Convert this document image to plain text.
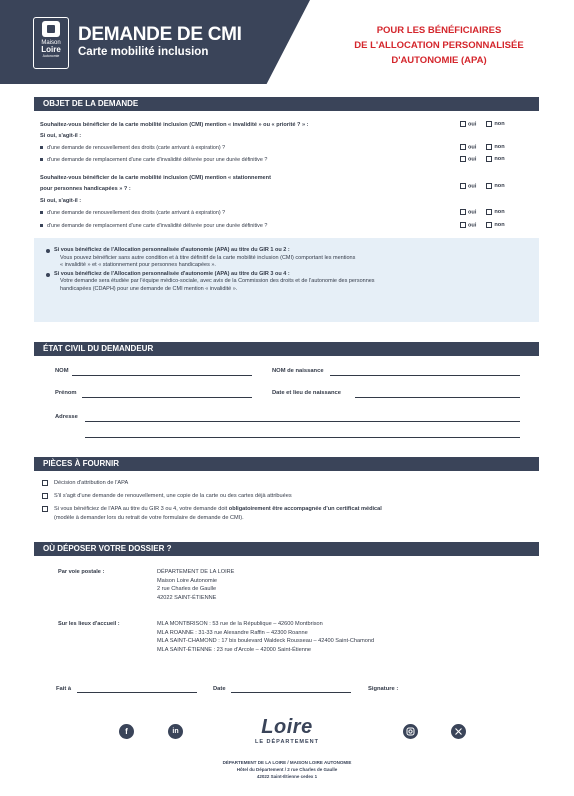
Maison
Loire
Autonomie
DEMANDE DE CMI
Carte mobilité inclusion
POUR LES BÉNÉFICIAIRES
DE L'ALLOCATION PERSONNALISÉE
D'AUTONOMIE (APA)
OBJET DE LA DEMANDE
Souhaitez-vous bénéficier de la carte mobilité inclusion (CMI) mention « invalidité » ou « priorité ? » :	oui	non
Si oui, s'agit-il :
d'une demande de renouvellement des droits (carte arrivant à expiration) ?	oui	non
d'une demande de remplacement d'une carte d'invalidité délivrée pour une durée définitive ?	oui	non
Souhaitez-vous bénéficier de la carte mobilité inclusion (CMI) mention « stationnement
pour personnes handicapées » ? :	oui	non
Si oui, s'agit-il :
d'une demande de renouvellement des droits (carte arrivant à expiration) ?	oui	non
d'une demande de remplacement d'une carte d'invalidité délivrée pour une durée définitive ?	oui	non
Si vous bénéficiez de l'Allocation personnalisée d'autonomie (APA) au titre du GIR 1 ou 2 :
Vous pouvez bénéficier sans autre condition et à titre définitif de la carte mobilité inclusion (CMI) comportant les mentions
« invalidité » et « stationnement pour personnes handicapées ».
Si vous bénéficiez de l'Allocation personnalisée d'autonomie (APA) au titre du GIR 3 ou 4 :
Votre demande sera étudiée par l'équipe médico-sociale, avec avis de la Commission des droits et de l'autonomie des personnes
handicapées (CDAPH) pour une demande de CMI mention « invalidité ».
ÉTAT CIVIL DU DEMANDEUR
NOM	NOM de naissance
Prénom	Date et lieu de naissance
Adresse
PIÈCES À FOURNIR
Décision d'attribution de l'APA
S'il s'agit d'une demande de renouvellement, une copie de la carte ou des cartes déjà attribuées
Si vous bénéficiez de l'APA au titre du GIR 3 ou 4, votre demande doit obligatoirement être accompagnée d'un certificat médical
(modèle à demander lors du retrait de votre formulaire de demande de CMI).
OÙ DÉPOSER VOTRE DOSSIER ?
Par voie postale :	DÉPARTEMENT DE LA LOIRE
Maison Loire Autonomie
2 rue Charles de Gaulle
42022 SAINT-ÉTIENNE
Sur les lieux d'accueil :	MLA MONTBRISON : 53 rue de la République – 42600 Montbrison
MLA ROANNE : 31-33 rue Alexandre Raffin – 42300 Roanne
MLA SAINT-CHAMOND : 17 bis boulevard Waldeck Rousseau – 42400 Saint-Chamond
MLA SAINT-ÉTIENNE : 23 rue d'Arcole – 42000 Saint-Étienne
Fait à	Date	Signature :
f	in	Loire
LE DÉPARTEMENT
DÉPARTEMENT DE LA LOIRE / MAISON LOIRE AUTONOMIE
Hôtel du Département / 2 rue Charles de Gaulle
42022 Saint-Étienne cedex 1
